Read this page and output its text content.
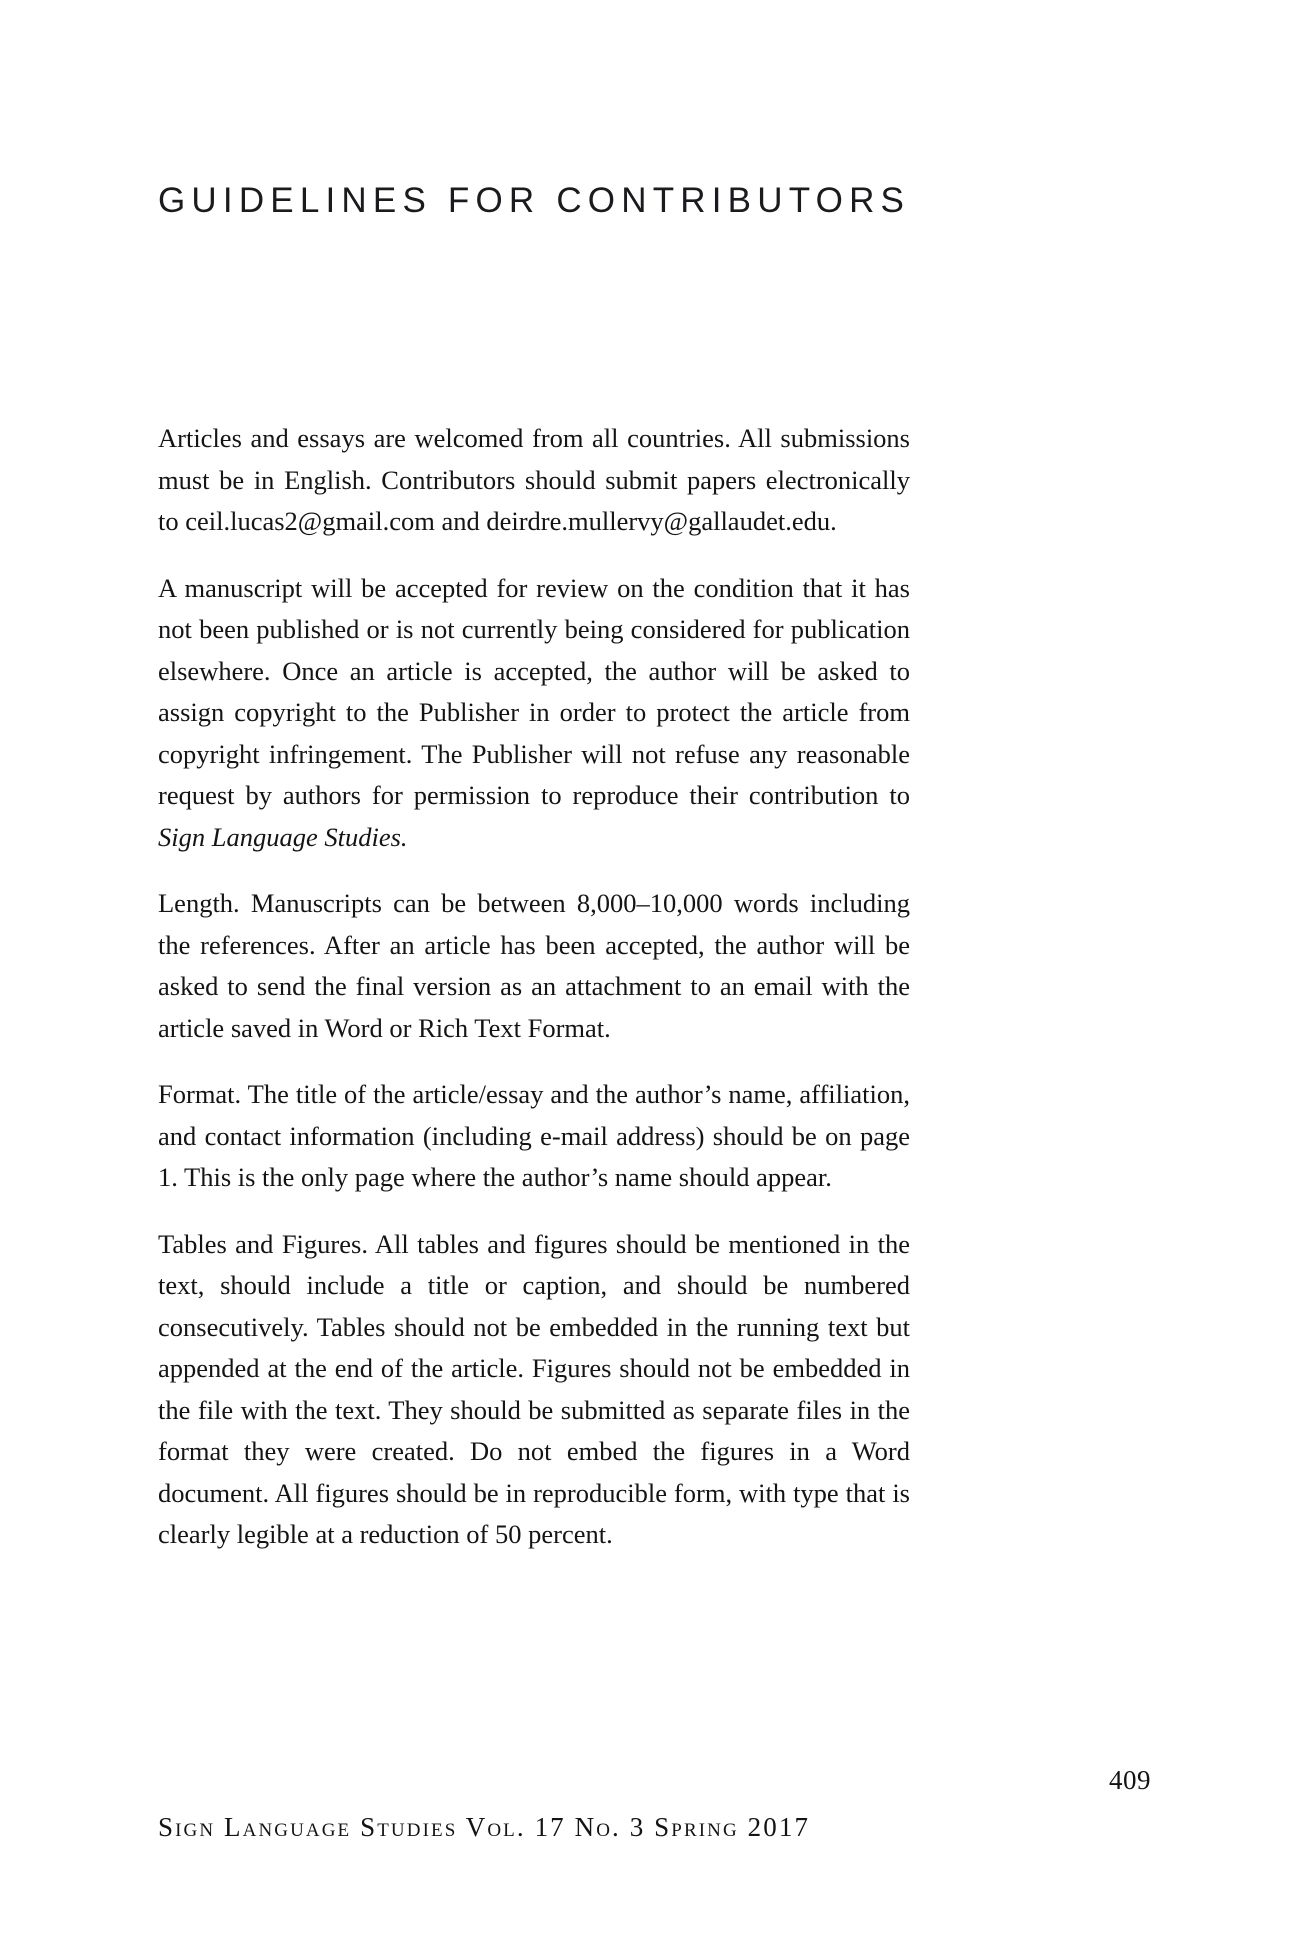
GUIDELINES FOR CONTRIBUTORS

Articles and essays are welcomed from all countries. All submissions must be in English. Contributors should submit papers electronically to ceil.lucas2@gmail.com and deirdre.mullervy@gallaudet.edu.

A manuscript will be accepted for review on the condition that it has not been published or is not currently being considered for publication elsewhere. Once an article is accepted, the author will be asked to assign copyright to the Publisher in order to protect the article from copyright infringement. The Publisher will not refuse any reasonable request by authors for permission to reproduce their contribution to Sign Language Studies.

Length. Manuscripts can be between 8,000–10,000 words including the references. After an article has been accepted, the author will be asked to send the final version as an attachment to an email with the article saved in Word or Rich Text Format.

Format. The title of the article/essay and the author’s name, affiliation, and contact information (including e-mail address) should be on page 1. This is the only page where the author’s name should appear.

Tables and Figures. All tables and figures should be mentioned in the text, should include a title or caption, and should be numbered consecutively. Tables should not be embedded in the running text but appended at the end of the article. Figures should not be embedded in the file with the text. They should be submitted as separate files in the format they were created. Do not embed the figures in a Word document. All figures should be in reproducible form, with type that is clearly legible at a reduction of 50 percent.

409
Sign Language Studies Vol. 17 No. 3 Spring 2017
